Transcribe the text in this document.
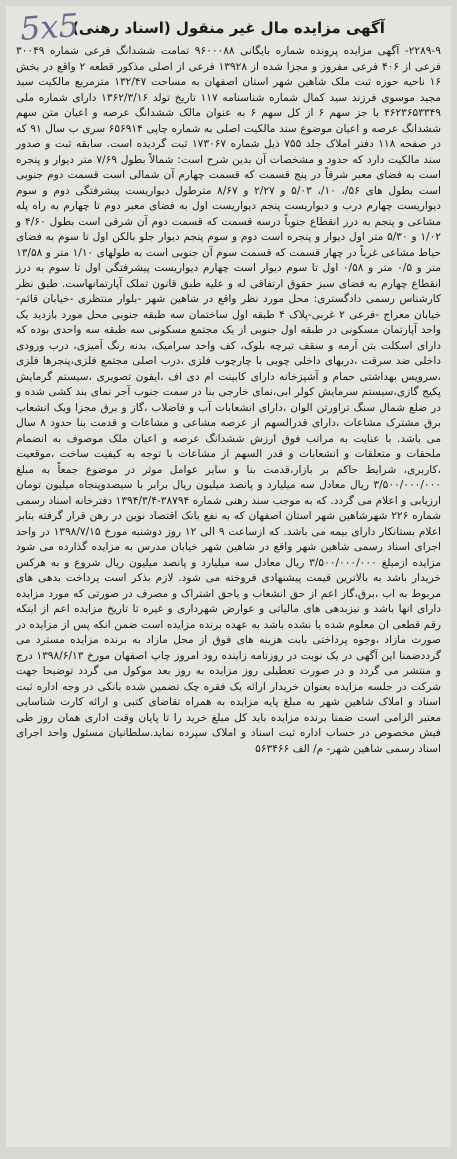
5x5
آگهی مزایده مال غیر منقول (اسناد رهنی)

۲۲۸۹-۹- آگهی مزایده پرونده شماره بایگانی ۹۶۰۰۰۸۸ تمامت ششدانگ فرعی شماره ۳۰۰۴۹ فرعی از ۴۰۶ فرعی مفروز و مجزا شده از ۱۳۹۲۸ فرعی از اصلی مذکور قطعه ۲ واقع در بخش ۱۶ ناحیه حوزه ثبت ملک شاهین شهر استان اصفهان به مساحت ۱۳۲/۴۷ مترمربع مالکیت سید مجید موسوی فرزند سید کمال شماره شناسنامه ۱۱۷ تاریخ تولد ۱۳۶۲/۳/۱۶ دارای شماره ملی ۴۶۲۳۶۵۳۳۴۹ با جز سهم ۶ از کل سهم ۶ به عنوان مالک ششدانگ عرصه و اعیان متن سهم ششدانگ عرصه و اعیان موضوع سند مالکیت اصلی به شماره چاپی ۶۵۶۹۱۴ سری ب سال ۹۱ که در صفحه ۱۱۸ دفتر املاک جلد ۷۵۵ ذیل شماره ۱۷۳۰۶۷ ثبت گردیده است. سابقه ثبت و صدور سند مالکیت دارد که حدود و مشخصات آن بدین شرح است: شمالاً بطول ۷/۶۹ متر دیوار و پنجره است به فضای معبر شرقاً در پنج قسمت که قسمت چهارم آن شمالی است قسمت دوم جنوبی است بطول های ۵۶/، ۱۰/، ۵/۰۳ و ۲/۲۷ و ۸/۶۷ مترطول دیواریست پیشرفتگی دوم و سوم دیواریست چهارم درب و دیواریست پنجم دیواریست اول به فضای معبر دوم تا چهارم به راه پله مشاعی و پنجم به درز انقطاع جنوباً درسه قسمت که قسمت دوم آن شرقی است بطول ۴/۶۰ و ۱/۰۲ و ۵/۳۰ متر اول دیوار و پنجره است دوم و سوم پنجم دیوار جلو بالکن اول تا سوم به فضای حیاط مشاعی غرباً در چهار قسمت که قسمت سوم آن جنوبی است به طولهای ۱/۱۰ متر و ۱۳/۵۸ متر و ۰/۵ متر و ۰/۵۸ اول تا سوم دیوار است چهارم دیواریست پیشرفتگی اول تا سوم به درز انقطاع چهارم به فضای سبز حقوق ارتفاقی له و علیه طبق قانون تملک آپارتمانهاست. طبق نظر کارشناس رسمی دادگستری: محل مورد نظر واقع در شاهین شهر -بلوار منتظری -خیابان قائم-خیابان معراج -فرعی ۲ غربی-پلاک ۴ طبقه اول ساختمان سه طبقه جنوبی محل مورد بازدید یک واحد آپارتمان مسکونی در طبقه اول جنوبی از یک مجتمع مسکونی سه طبقه سه واحدی بوده که دارای اسکلت بتن آرمه و سقف تیرچه بلوک، کف واحد سرامیک، بدنه رنگ آمیزی، درب ورودی داخلی ضد سرقت ،دربهای داخلی چوبی با چارچوب فلزی ،درب اصلی مجتمع فلزی،پنجرها فلزی ،سرویس بهداشتی حمام و آشپزخانه دارای کابینت ام دی اف ،ایفون تصویری ،سیستم گرمایش پکیج گازی،سیستم سرمایش کولر ابی،نمای خارجی بنا در سمت جنوب آجر نمای بند کشی شده و در ضلع شمال سنگ تراورتن الوان ،دارای انشعابات آب و فاضلاب ،گاز و برق مجزا ویک انشعاب برق مشترک مشاعات ،دارای قدرالسهم از عرصه مشاعی و مشاعات و قدمت بنا حدود ۸ سال می باشد. با عنایت به مراتب فوق ارزش ششدانگ عرصه و اعیان ملک موصوف به انضمام ملحقات و متعلقات و انشعابات و قدر السهم از مشاعات با توجه به کیفیت ساخت ،موقعیت ،کاربری، شرایط حاکم بر بازار،قدمت بنا و سایر عوامل موثر در موضوع جمعاً به مبلغ ۳/۵۰۰/۰۰۰/۰۰۰ ریال معادل سه میلیارد و پانصد میلیون ریال برابر با سیصدوپنجاه میلیون تومان ارزیابی و اعلام می گردد. که به موجب سند رهنی شماره ۳۸۷۹۴-۱۳۹۴/۳/۴ دفترخانه اسناد رسمی شماره ۲۲۶ شهرشاهین شهر استان اصفهان که به نفع بانک اقتصاد نوین در رهن قرار گرفته بنابر اعلام بستانکار دارای بیمه می باشد. که ازساعت ۹ الی ۱۲ روز دوشنبه مورخ ۱۳۹۸/۷/۱۵ در واحد اجرای اسناد رسمی شاهین شهر واقع در شاهین شهر خیابان مدرس به مزایده گذارده می شود مزایده ازمبلغ ۳/۵۰۰/۰۰۰/۰۰۰ ریال معادل سه میلیارد و پانصد میلیون ریال شروع و به هرکس خریدار باشد به بالاترین قیمت پیشنهادی فروخته می شود. لازم بذکر است پرداخت بدهی های مربوط به اب ،برق،گاز اعم از حق انشعاب و یاحق اشتراک و مصرف در صورتی که مورد مزایده دارای انها باشد و نیزبدهی های مالیاتی و عوارض شهرداری و غیره تا تاریخ مزایده اعم از اینکه رقم قطعی ان معلوم شده یا نشده باشد به عهده برنده مزایده است ضمن انکه پس از مزایده در صورت مازاد ،وجوه پرداختی بابت هزینه های فوق از محل مازاد به برنده مزایده مسترد می گرددضمنا این آگهی در یک نوبت در روزنامه زاینده رود امروز چاپ اصفهان مورخ ۱۳۹۸/۶/۱۳ درج و منتشر می گردد و در صورت تعطیلی روز مزایده به روز بعد موکول می گردد توضیحا جهت شرکت در جلسه مزایده بعنوان خریدار ارائه یک فقره چک تضمین شده بانکی در وجه اداره ثبت اسناد و املاک شاهین شهر به مبلغ پایه مزایده به همراه تقاضای کتبی و ارائه کارت شناسایی معتبر الزامی است ضمنا برنده مزایده باید کل مبلغ خرید را تا پایان وقت اداری همان روز طی فیش مخصوص در حساب اداره ثبت اسناد و املاک سپرده نماید.سلطانیان مسئول واحد اجرای اسناد رسمی شاهین شهر- م/ الف ۵۶۳۴۶۶
